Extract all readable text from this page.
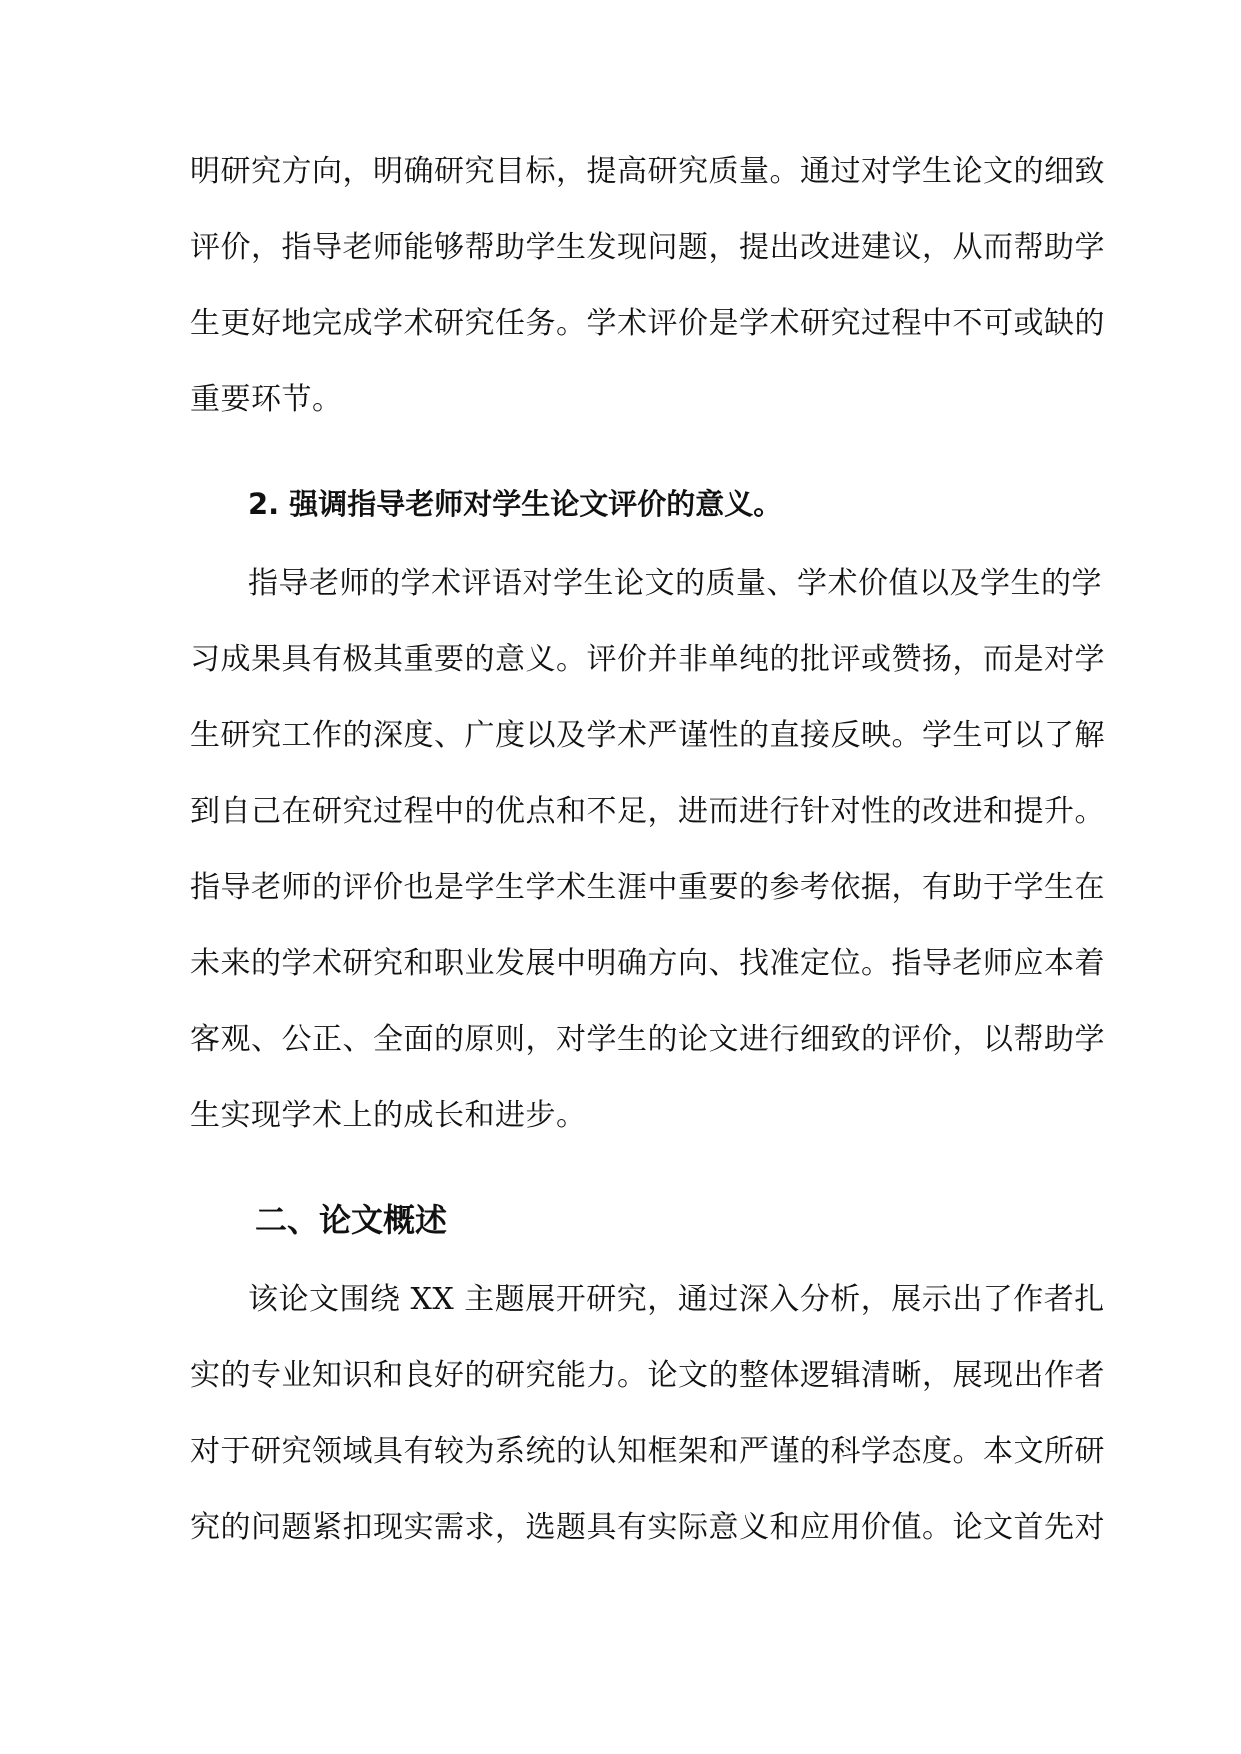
明研究方向，明确研究目标，提高研究质量。通过对学生论文的细致
评价，指导老师能够帮助学生发现问题，提出改进建议，从而帮助学
生更好地完成学术研究任务。学术评价是学术研究过程中不可或缺的
重要环节。
2. 强调指导老师对学生论文评价的意义。
指导老师的学术评语对学生论文的质量、学术价值以及学生的学
习成果具有极其重要的意义。评价并非单纯的批评或赞扬，而是对学
生研究工作的深度、广度以及学术严谨性的直接反映。学生可以了解
到自己在研究过程中的优点和不足，进而进行针对性的改进和提升。
指导老师的评价也是学生学术生涯中重要的参考依据，有助于学生在
未来的学术研究和职业发展中明确方向、找准定位。指导老师应本着
客观、公正、全面的原则，对学生的论文进行细致的评价，以帮助学
生实现学术上的成长和进步。
二、论文概述
该论文围绕 XX 主题展开研究，通过深入分析，展示出了作者扎
实的专业知识和良好的研究能力。论文的整体逻辑清晰，展现出作者
对于研究领域具有较为系统的认知框架和严谨的科学态度。本文所研
究的问题紧扣现实需求，选题具有实际意义和应用价值。论文首先对
